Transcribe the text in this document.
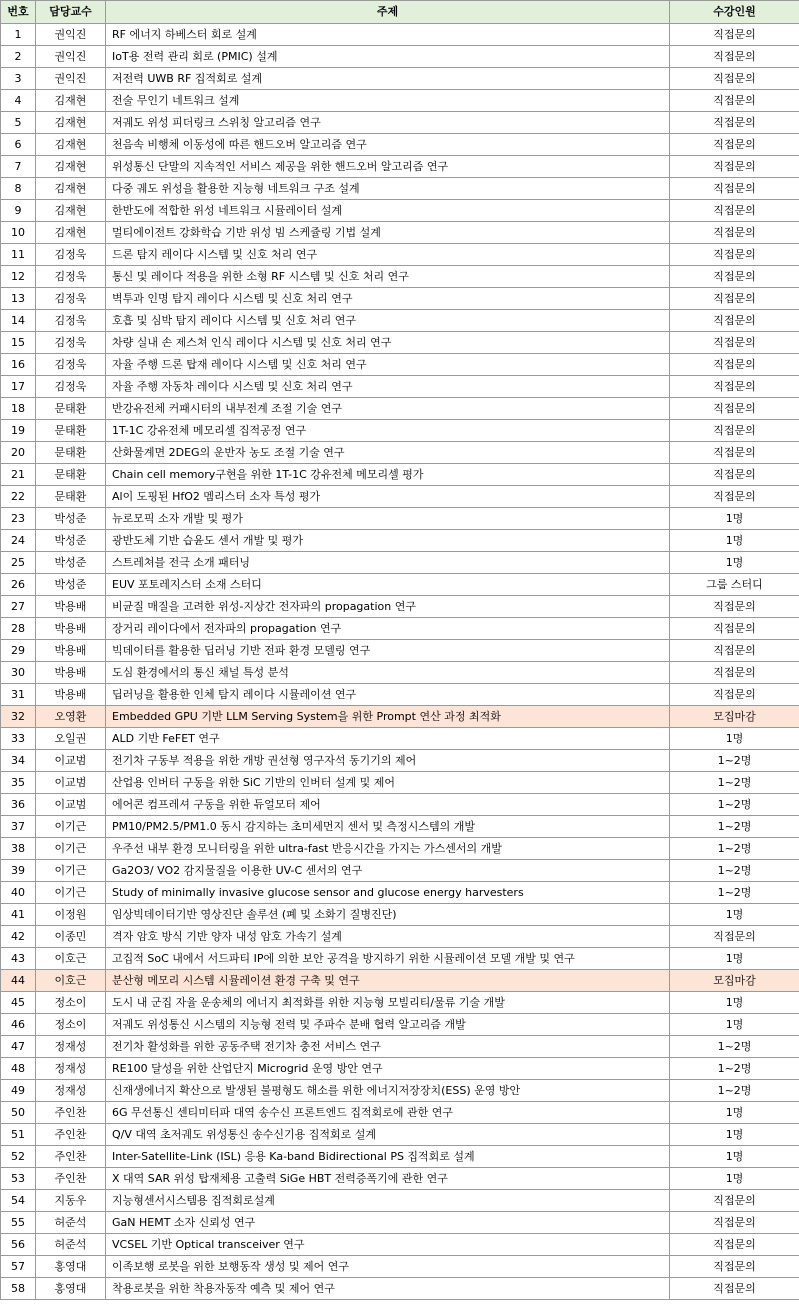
번호	담당교수	주제	수강인원
1	권익진	RF 에너지 하베스터 회로 설계	직접문의
2	권익진	IoT용 전력 관리 회로 (PMIC) 설계	직접문의
3	권익진	저전력 UWB RF 집적회로 설계	직접문의
4	김재현	전술 무인기 네트워크 설계	직접문의
5	김재현	저궤도 위성 피더링크 스위칭 알고리즘 연구	직접문의
6	김재현	천음속 비행체 이동성에 따른 핸드오버 알고리즘 연구	직접문의
7	김재현	위성통신 단말의 지속적인 서비스 제공을 위한 핸드오버 알고리즘 연구	직접문의
8	김재현	다중 궤도 위성을 활용한 지능형 네트워크 구조 설계	직접문의
9	김재현	한반도에 적합한 위성 네트워크 시뮬레이터 설계	직접문의
10	김재현	멀티에이전트 강화학습 기반 위성 빔 스케쥴링 기법 설계	직접문의
11	김정욱	드론 탐지 레이다 시스템 및 신호 처리 연구	직접문의
12	김정욱	통신 및 레이다 적용을 위한 소형 RF 시스템 및 신호 처리 연구	직접문의
13	김정욱	벽투과 인명 탐지 레이다 시스템 및 신호 처리 연구	직접문의
14	김정욱	호흡 및 심박 탐지 레이다 시스템 및 신호 처리 연구	직접문의
15	김정욱	차량 실내 손 제스쳐 인식 레이다 시스템 및 신호 처리 연구	직접문의
16	김정욱	자율 주행 드론 탑재 레이다 시스템 및 신호 처리 연구	직접문의
17	김정욱	자율 주행 자동차 레이다 시스템 및 신호 처리 연구	직접문의
18	문태환	반강유전체 커패시터의 내부전계 조절 기술 연구	직접문의
19	문태환	1T-1C 강유전체 메모리셀 집적공정 연구	직접문의
20	문태환	산화물계면 2DEG의 운반자 농도 조절 기술 연구	직접문의
21	문태환	Chain cell memory구현을 위한 1T-1C 강유전체 메모리셀 평가	직접문의
22	문태환	Al이 도핑된 HfO2 멤리스터 소자 특성 평가	직접문의
23	박성준	뉴로모픽 소자 개발 및 평가	1명
24	박성준	광반도체 기반 습윤도 센서 개발 및 평가	1명
25	박성준	스트레쳐블 전극 소개 패터닝	1명
26	박성준	EUV 포토레지스터 소재 스터디	그룹 스터디
27	박용배	비균질 매질을 고려한 위성-지상간 전자파의 propagation 연구	직접문의
28	박용배	장거리 레이다에서 전자파의 propagation 연구	직접문의
29	박용배	빅데이터를 활용한 딥러닝 기반 전파 환경 모델링 연구	직접문의
30	박용배	도심 환경에서의 통신 채널 특성 분석	직접문의
31	박용배	딥러닝을 활용한 인체 탐지 레이다 시뮬레이션 연구	직접문의
32	오영환	Embedded GPU 기반 LLM Serving System을 위한 Prompt 연산 과정 최적화	모집마감
33	오일권	ALD 기반 FeFET 연구	1명
34	이교범	전기차 구동부 적용을 위한 개방 권선형 영구자석 동기기의 제어	1~2명
35	이교범	산업용 인버터 구동을 위한 SiC 기반의 인버터 설계 및 제어	1~2명
36	이교범	에어콘 컴프레셔 구동을 위한 듀얼모터 제어	1~2명
37	이기근	PM10/PM2.5/PM1.0 동시 감지하는 초미세먼지 센서 및 측정시스템의 개발	1~2명
38	이기근	우주선 내부 환경 모니터링을 위한 ultra-fast 반응시간을 가지는 가스센서의 개발	1~2명
39	이기근	Ga2O3/ VO2 감지물질을 이용한 UV-C 센서의 연구	1~2명
40	이기근	Study of minimally invasive glucose sensor and glucose energy harvesters	1~2명
41	이정원	임상빅데이터기반 영상진단 솔루션 (폐 및 소화기 질병진단)	1명
42	이종민	격자 암호 방식 기반 양자 내성 암호 가속기 설계	직접문의
43	이호근	고집적 SoC 내에서 서드파티 IP에 의한 보안 공격을 방지하기 위한 시뮬레이션 모델 개발 및 연구	1명
44	이호근	분산형 메모리 시스템 시뮬레이션 환경 구축 및 연구	모집마감
45	정소이	도시 내 군집 자율 운송체의 에너지 최적화를 위한 지능형 모빌리티/물류 기술 개발	1명
46	정소이	저궤도 위성통신 시스템의 지능형 전력 및 주파수 분배 협력 알고리즘 개발	1명
47	정재성	전기차 활성화를 위한 공동주택 전기차 충전 서비스 연구	1~2명
48	정재성	RE100 달성을 위한 산업단지 Microgrid 운영 방안 연구	1~2명
49	정재성	신재생에너지 확산으로 발생된 불평형도 해소를 위한 에너지저장장치(ESS) 운영 방안	1~2명
50	주인찬	6G 무선통신 센티미터파 대역 송수신 프론트엔드 집적회로에 관한 연구	1명
51	주인찬	Q/V 대역 초저궤도 위성통신 송수신기용 집적회로 설계	1명
52	주인찬	Inter-Satellite-Link (ISL) 응용 Ka-band Bidirectional PS 집적회로 설계	1명
53	주인찬	X 대역 SAR 위성 탑재체용 고출력 SiGe HBT 전력증폭기에 관한 연구	1명
54	지동우	지능형센서시스템용 집적회로설계	직접문의
55	허준석	GaN HEMT 소자 신뢰성 연구	직접문의
56	허준석	VCSEL 기반 Optical transceiver 연구	직접문의
57	홍영대	이족보행 로봇을 위한 보행동작 생성 및 제어 연구	직접문의
58	홍영대	착용로봇을 위한 착용자동작 예측 및 제어 연구	직접문의
